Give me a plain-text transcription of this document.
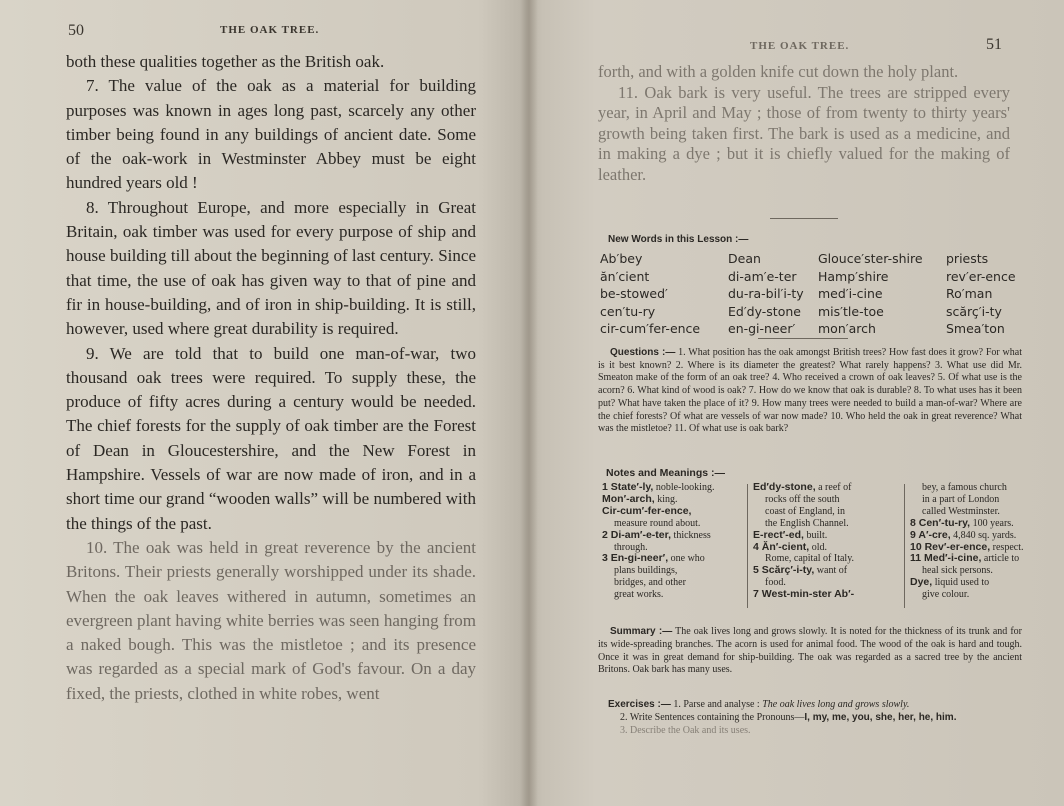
50	THE OAK TREE.

both these qualities together as the British oak.

7. The value of the oak as a material for building purposes was known in ages long past, scarcely any other timber being found in any buildings of ancient date. Some of the oak-work in Westminster Abbey must be eight hundred years old !

8. Throughout Europe, and more especially in Great Britain, oak timber was used for every purpose of ship and house building till about the beginning of last century. Since that time, the use of oak has given way to that of pine and fir in house-building, and of iron in ship-building. It is still, however, used where great durability is required.

9. We are told that to build one man-of-war, two thousand oak trees were required. To supply these, the produce of fifty acres during a century would be needed. The chief forests for the supply of oak timber are the Forest of Dean in Gloucestershire, and the New Forest in Hampshire. Vessels of war are now made of iron, and in a short time our grand “wooden walls” will be numbered with the things of the past.

10. The oak was held in great reverence by the ancient Britons. Their priests generally worshipped under its shade. When the oak leaves withered in autumn, sometimes an evergreen plant having white berries was seen hanging from a naked bough. This was the mistletoe ; and its presence was regarded as a special mark of God's favour. On a day fixed, the priests, clothed in white robes, went

THE OAK TREE.	51

forth, and with a golden knife cut down the holy plant.

11. Oak bark is very useful. The trees are stripped every year, in April and May ; those of from twenty to thirty years' growth being taken first. The bark is used as a medicine, and in making a dye ; but it is chiefly valued for the making of leather.

New Words in this Lesson :—
Ab′bey	Dean	Glouce′ster-shire	priests
ăn′cient	di-am′e-ter	Hamp′shire	rev′er-ence
be-stowed′	du-ra-bil′i-ty	med′i-cine	Ro′man
cen′tu-ry	Ed′dy-stone	mis′tle-toe	scărç′i-ty
cir-cum′fer-ence	en-gi-neer′	mon′arch	Smea′ton
Questions :— 1. What position has the oak amongst British trees? How fast does it grow? For what is it best known? 2. Where is its diameter the greatest? What rarely happens? 3. What use did Mr. Smeaton make of the form of an oak tree? 4. Who received a crown of oak leaves? 5. Of what use is the acorn? 6. What kind of wood is oak? 7. How do we know that oak is durable? 8. To what uses has it been put? What have taken the place of it? 9. How many trees were needed to build a man-of-war? Where are the chief forests? Of what are vessels of war now made? 10. Who held the oak in great reverence? What was the mistletoe? 11. Of what use is oak bark?
Notes and Meanings :—
1 State′-ly, noble-looking.
Mon′-arch, king.
Cir-cum′-fer-ence,
measure round about.
2 Di-am′-e-ter, thickness
through.
3 En-gi-neer′, one who
plans buildings,
bridges, and other
great works.
Ed′dy-stone, a reef of
rocks off the south
coast of England, in
the English Channel.
E-rect′-ed, built.
4 Ăn′-cient, old.
Rome, capital of Italy.
5 Scărç′-i-ty, want of
food.
7 West-min-ster Ab′-
bey, a famous church
in a part of London
called Westminster.
8 Cen′-tu-ry, 100 years.
9 A′-cre, 4,840 sq. yards.
10 Rev′-er-ence, respect.
11 Med′-i-cine, article to
heal sick persons.
Dye, liquid used to
give colour.
Summary :— The oak lives long and grows slowly. It is noted for the thickness of its trunk and for its wide-spreading branches. The acorn is used for animal food. The wood of the oak is hard and tough. Once it was in great demand for ship-building. The oak was regarded as a sacred tree by the ancient Britons. Oak bark has many uses.
Exercises :— 1. Parse and analyse : The oak lives long and grows slowly.
2. Write Sentences containing the Pronouns—I, my, me, you, she, her, he, him.
3. Describe the Oak and its uses.
